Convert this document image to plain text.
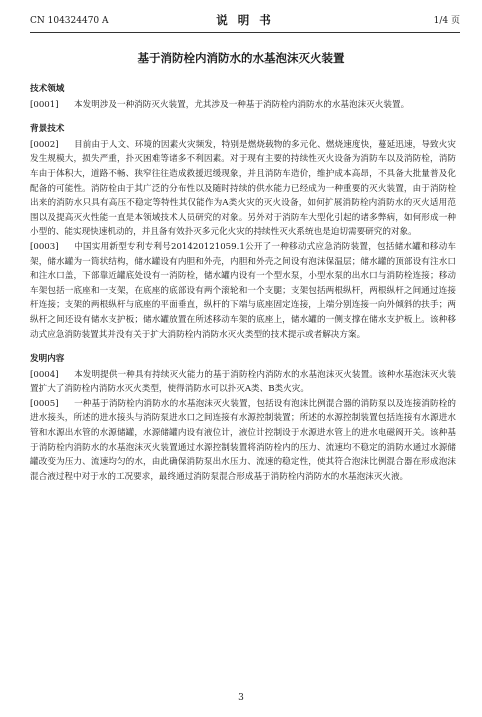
CN 104324470 A	说 明 书	1/4 页
基于消防栓内消防水的水基泡沫灭火装置
技术领域
[0001] 本发明涉及一种消防灭火装置，尤其涉及一种基于消防栓内消防水的水基泡沫灭火装置。
背景技术
[0002] 目前由于人文、环境的因素火灾频发，特别是燃烧载物的多元化、燃烧速度快，蔓延迅速，导致火灾发生规模大，损失严重，扑灭困难等诸多不利因素。对于现有主要的持续性灭火设备为消防车以及消防栓，消防车由于体积大，道路不畅、狭窄往往造成救援迟缓现象，并且消防车造价，维护成本高昂，不具备大批量普及化配备的可能性。消防栓由于其广泛的分布性以及随时持续的供水能力已经成为一种重要的灭火装置，由于消防栓出来的消防水只具有高压不稳定等特性其仅能作为A类火灾的灭火设备，如何扩展消防栓内消防水的灭火适用范围以及提高灭火性能一直是本领域技术人员研究的对象。另外对于消防车大型化引起的诸多弊病，如何形成一种小型的、能实现快速机动的，并且备有效扑灭多元化火灾的持续性灭火系统也是迫切需要研究的对象。
[0003] 中国实用新型专利专利号201420121059.1公开了一种移动式应急消防装置，包括储水罐和移动车架，储水罐为一筒状结构，储水罐设有内胆和外壳，内胆和外壳之间设有泡沫保温层；储水罐的顶部设有注水口和注水口盖，下部靠近罐底处设有一消防栓，储水罐内设有一个型水泵，小型水泵的出水口与消防栓连接；移动车架包括一底座和一支架，在底座的底部设有两个滚轮和一个支腿；支架包括两根纵杆，两根纵杆之间通过连接杆连接；支架的两根纵杆与底座的平面垂直，纵杆的下端与底座固定连接，上端分别连接一向外倾斜的扶手；两纵杆之间还设有储水支护板；储水罐放置在所述移动车架的底座上，储水罐的一侧支撑在储水支护板上。该种移动式应急消防装置其并没有关于扩大消防栓内消防水灭火类型的技术提示或者解决方案。
发明内容
[0004] 本发明提供一种具有持续灭火能力的基于消防栓内消防水的水基泡沫灭火装置。该种水基泡沫灭火装置扩大了消防栓内消防水灭火类型，使得消防水可以扑灭A类、B类火灾。
[0005] 一种基于消防栓内消防水的水基泡沫灭火装置，包括设有泡沫比例混合器的消防泵以及连接消防栓的进水接头，所述的进水接头与消防泵进水口之间连接有水源控制装置；所述的水源控制装置包括连接有水源进水管和水源出水管的水源储罐，水源储罐内设有液位计，液位计控制设于水源进水管上的进水电磁阀开关。该种基于消防栓内消防水的水基泡沫灭火装置通过水源控制装置将消防栓内的压力、流速均不稳定的消防水通过水源储罐改变为压力、流速均匀的水，由此确保消防泵出水压力、流速的稳定性，使其符合泡沫比例混合器在形成泡沫混合液过程中对于水的工况要求，最终通过消防泵混合形成基于消防栓内消防水的水基泡沫灭火液。
3
